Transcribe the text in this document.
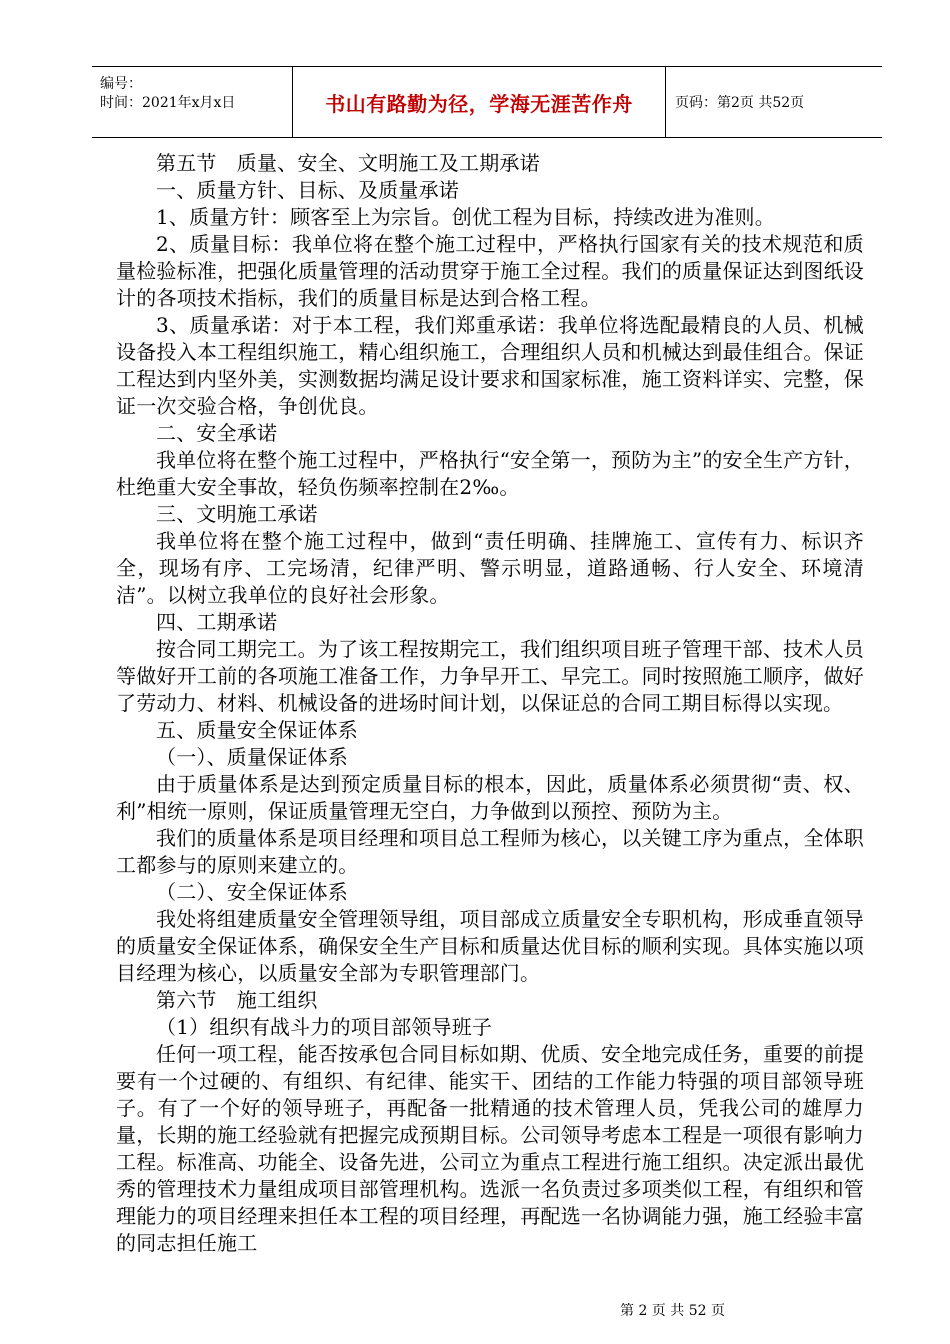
编号：
时间：2021年x月x日	书山有路勤为径，学海无涯苦作舟	页码：第2页 共52页

第五节　质量、安全、文明施工及工期承诺

一、质量方针、目标、及质量承诺

1、质量方针：顾客至上为宗旨。创优工程为目标，持续改进为准则。

2、质量目标：我单位将在整个施工过程中，严格执行国家有关的技术规范和质量检验标准，把强化质量管理的活动贯穿于施工全过程。我们的质量保证达到图纸设计的各项技术指标，我们的质量目标是达到合格工程。

3、质量承诺：对于本工程，我们郑重承诺：我单位将选配最精良的人员、机械设备投入本工程组织施工，精心组织施工，合理组织人员和机械达到最佳组合。保证工程达到内坚外美，实测数据均满足设计要求和国家标准，施工资料详实、完整，保证一次交验合格，争创优良。

二、安全承诺

我单位将在整个施工过程中，严格执行“安全第一，预防为主”的安全生产方针，杜绝重大安全事故，轻负伤频率控制在2‰。

三、文明施工承诺

我单位将在整个施工过程中，做到“责任明确、挂牌施工、宣传有力、标识齐全，现场有序、工完场清，纪律严明、警示明显，道路通畅、行人安全、环境清洁”。以树立我单位的良好社会形象。

四、工期承诺

按合同工期完工。为了该工程按期完工，我们组织项目班子管理干部、技术人员等做好开工前的各项施工准备工作，力争早开工、早完工。同时按照施工顺序，做好了劳动力、材料、机械设备的进场时间计划，以保证总的合同工期目标得以实现。

五、质量安全保证体系

（一）、质量保证体系

由于质量体系是达到预定质量目标的根本，因此，质量体系必须贯彻“责、权、利”相统一原则，保证质量管理无空白，力争做到以预控、预防为主。

我们的质量体系是项目经理和项目总工程师为核心，以关键工序为重点，全体职工都参与的原则来建立的。

（二）、安全保证体系

我处将组建质量安全管理领导组，项目部成立质量安全专职机构，形成垂直领导的质量安全保证体系，确保安全生产目标和质量达优目标的顺利实现。具体实施以项目经理为核心，以质量安全部为专职管理部门。

第六节　施工组织

（1）组织有战斗力的项目部领导班子

任何一项工程，能否按承包合同目标如期、优质、安全地完成任务，重要的前提要有一个过硬的、有组织、有纪律、能实干、团结的工作能力特强的项目部领导班子。有了一个好的领导班子，再配备一批精通的技术管理人员，凭我公司的雄厚力量，长期的施工经验就有把握完成预期目标。公司领导考虑本工程是一项很有影响力工程。标准高、功能全、设备先进，公司立为重点工程进行施工组织。决定派出最优秀的管理技术力量组成项目部管理机构。选派一名负责过多项类似工程，有组织和管理能力的项目经理来担任本工程的项目经理，再配选一名协调能力强，施工经验丰富的同志担任施工

第 2 页 共 52 页
